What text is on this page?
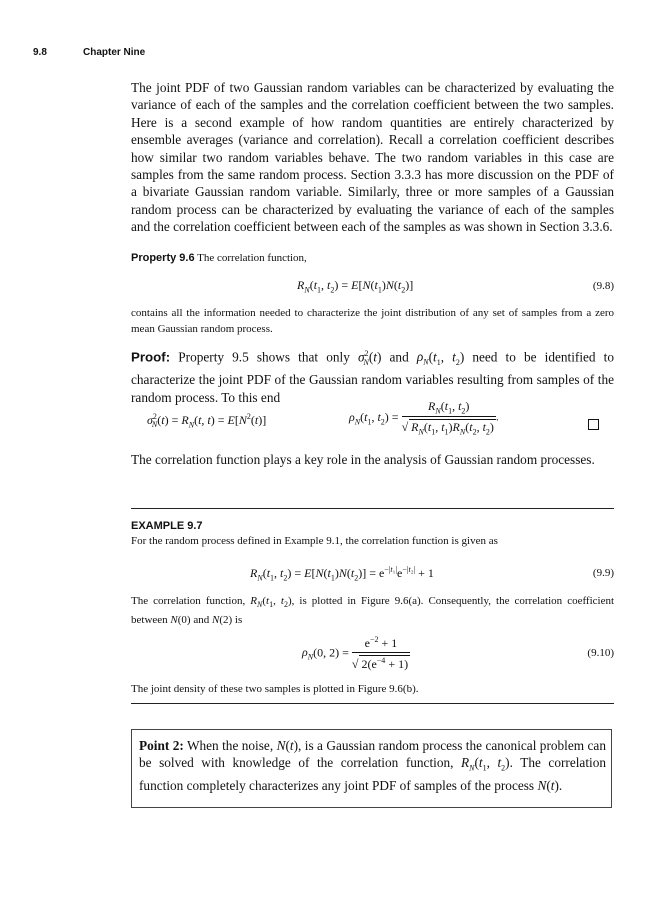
9.8	Chapter Nine
The joint PDF of two Gaussian random variables can be characterized by evaluating the variance of each of the samples and the correlation coefficient between the two samples. Here is a second example of how random quantities are entirely characterized by ensemble averages (variance and correlation). Recall a correlation coefficient describes how similar two random variables behave. The two random variables in this case are samples from the same random process. Section 3.3.3 has more discussion on the PDF of a bivariate Gaussian random variable. Similarly, three or more samples of a Gaussian random process can be characterized by evaluating the variance of each of the samples and the correlation coefficient between each of the samples as was shown in Section 3.3.6.
Property 9.6 The correlation function,
$R_N(t_1$, $t_2) = E[N(t_1)N(t_2)]$	(9.8)
contains all the information needed to characterize the joint distribution of any set of samples from a zero mean Gaussian random process.
Proof: Property 9.5 shows that only $\sigma^2_N(t)$ and $\rho_N(t_1$, $t_2$) need to be identified to characterize the joint PDF of the Gaussian random variables resulting from samples of the random process. To this end
$\sigma^2_N(t) = R_N(t$, $t) = E[N^2(t)]$	$\rho_N(t_1$, $t_2) = \frac{R_N(t_1, t_2)}{√ R_N(t_1, t_1)R_N(t_2, t_2)}$ .
The correlation function plays a key role in the analysis of Gaussian random processes.
EXAMPLE 9.7
For the random process defined in Example 9.1, the correlation function is given as
$R_N(t_1$, $t_2) = E[N(t_1)N(t_2)] = e^{-|t_1|}e^{-|t_2|} + 1$	(9.9)
The correlation function, $R_N(t_1$, $t_2$), is plotted in Figure 9.6(a). Consequently, the correlation coefficient between N(0) and N(2) is
$\rho_N(0$, $2) = \frac{e^{-2} + 1}{√ 2(e^{-4} + 1)}$	(9.10)
The joint density of these two samples is plotted in Figure 9.6(b).
Point 2: When the noise, N(t), is a Gaussian random process the canonical problem can be solved with knowledge of the correlation function, $R_N(t_1$, $t_2$). The correlation function completely characterizes any joint PDF of samples of the process N(t).
